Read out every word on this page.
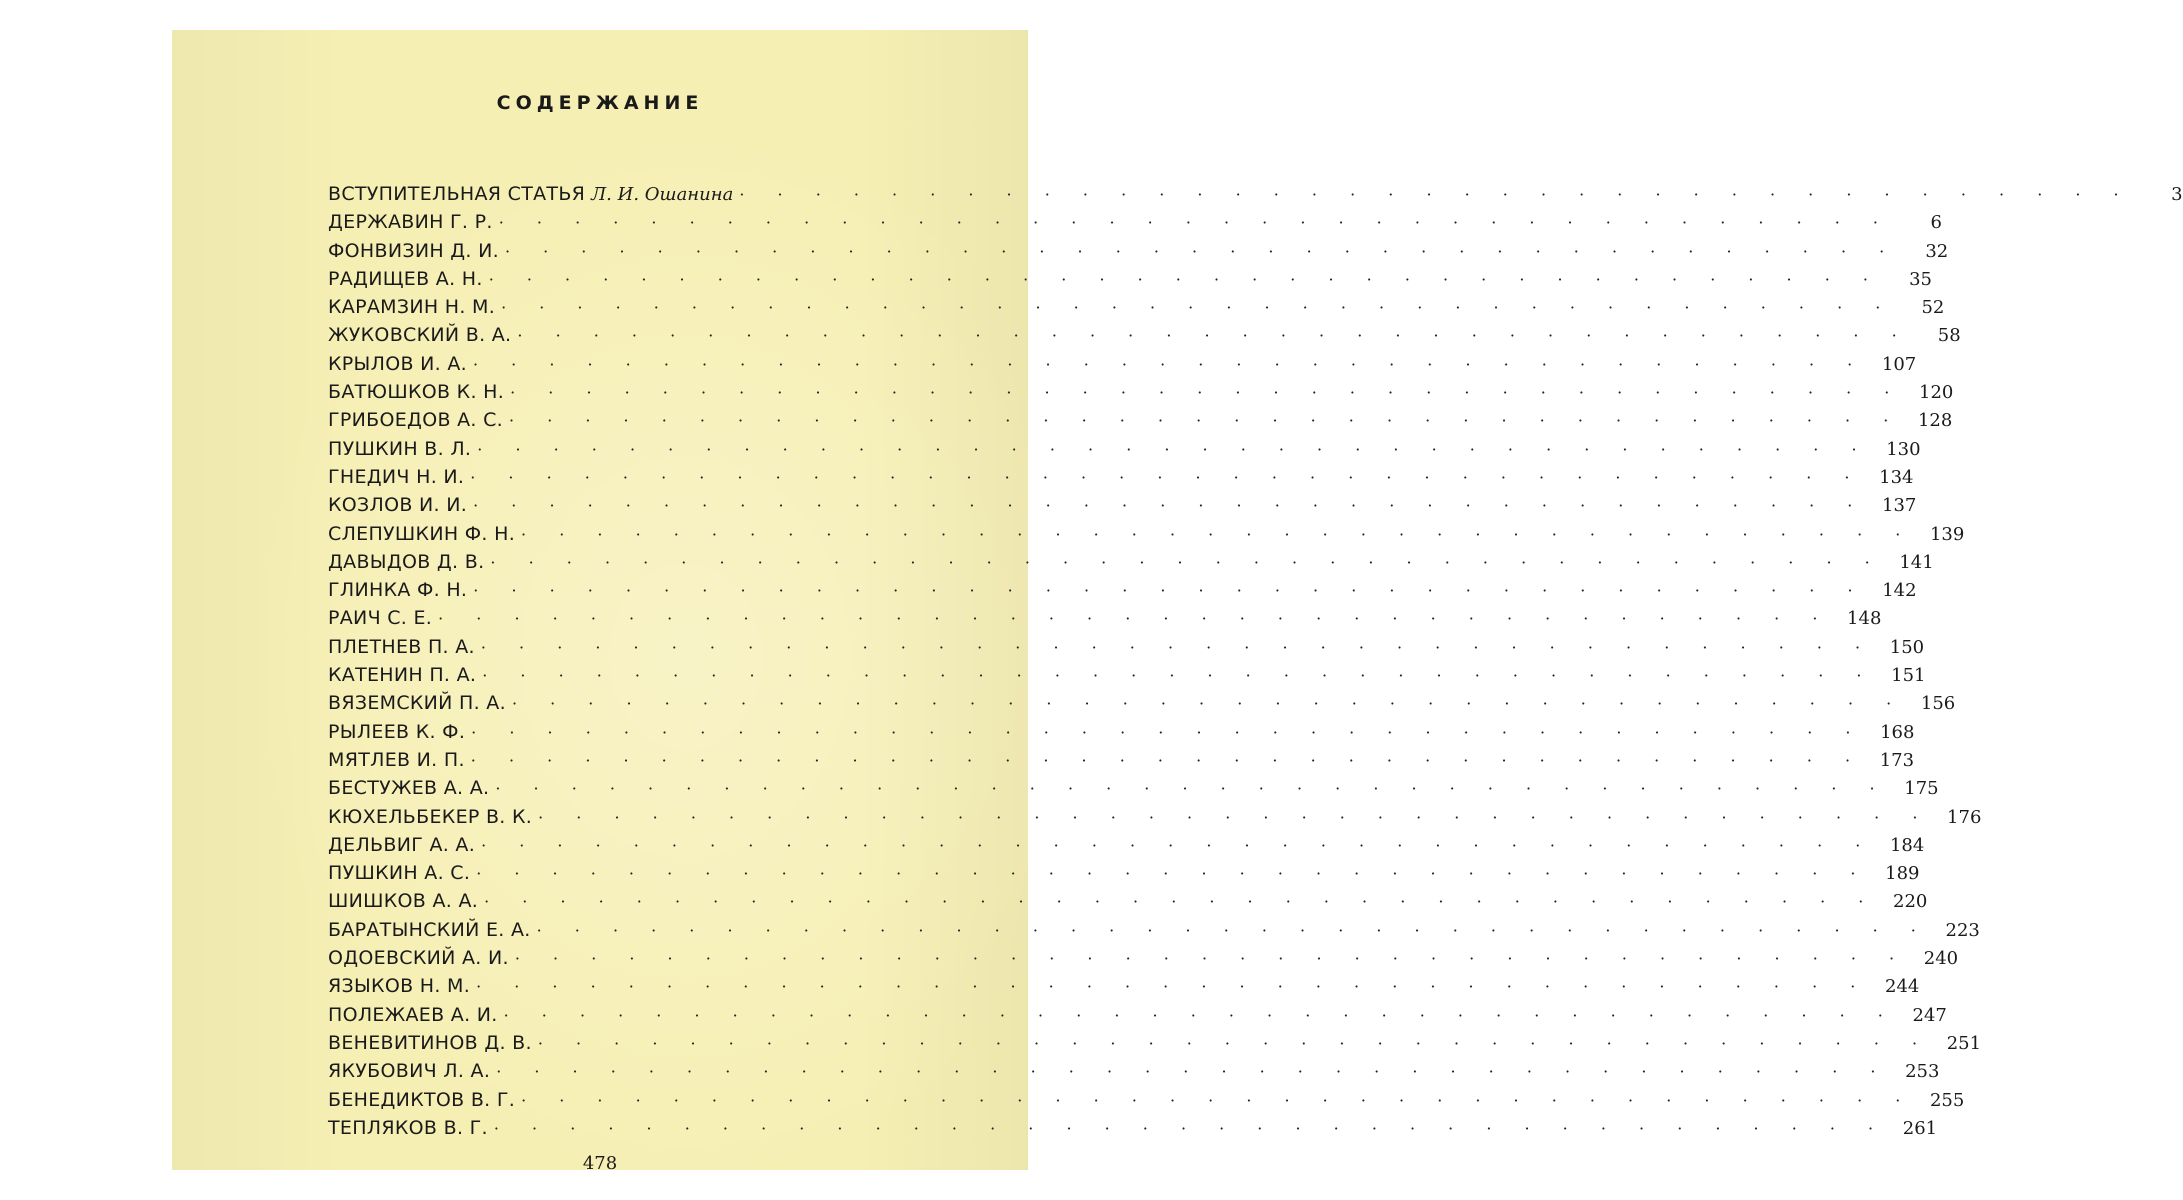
СОДЕРЖАНИЕ
ВСТУПИТЕЛЬНАЯ СТАТЬЯ Л. И. Ошанина · · · · · · · · · · · · · · · · · · · · · · · · · · · · · · · · · · · · ·	3
ДЕРЖАВИН Г. Р. · · · · · · · · · · · · · · · · · · · · · · · · · · · · · · · · · · · · ·	6
ФОНВИЗИН Д. И. · · · · · · · · · · · · · · · · · · · · · · · · · · · · · · · · · · · · ·	32
РАДИЩЕВ А. Н. · · · · · · · · · · · · · · · · · · · · · · · · · · · · · · · · · · · · ·	35
КАРАМЗИН Н. М. · · · · · · · · · · · · · · · · · · · · · · · · · · · · · · · · · · · · ·	52
ЖУКОВСКИЙ В. А. · · · · · · · · · · · · · · · · · · · · · · · · · · · · · · · · · · · · ·	58
КРЫЛОВ И. А. · · · · · · · · · · · · · · · · · · · · · · · · · · · · · · · · · · · · · 107
БАТЮШКОВ К. Н. · · · · · · · · · · · · · · · · · · · · · · · · · · · · · · · · · · · · · 120
ГРИБОЕДОВ А. С. · · · · · · · · · · · · · · · · · · · · · · · · · · · · · · · · · · · · · 128
ПУШКИН В. Л. · · · · · · · · · · · · · · · · · · · · · · · · · · · · · · · · · · · · · 130
ГНЕДИЧ Н. И. · · · · · · · · · · · · · · · · · · · · · · · · · · · · · · · · · · · · · 134
КОЗЛОВ И. И. · · · · · · · · · · · · · · · · · · · · · · · · · · · · · · · · · · · · · 137
СЛЕПУШКИН Ф. Н. · · · · · · · · · · · · · · · · · · · · · · · · · · · · · · · · · · · · · 139
ДАВЫДОВ Д. В. · · · · · · · · · · · · · · · · · · · · · · · · · · · · · · · · · · · · · 141
ГЛИНКА Ф. Н. · · · · · · · · · · · · · · · · · · · · · · · · · · · · · · · · · · · · · 142
РАИЧ С. Е. · · · · · · · · · · · · · · · · · · · · · · · · · · · · · · · · · · · · · 148
ПЛЕТНЕВ П. А. · · · · · · · · · · · · · · · · · · · · · · · · · · · · · · · · · · · · · 150
КАТЕНИН П. А. · · · · · · · · · · · · · · · · · · · · · · · · · · · · · · · · · · · · · 151
ВЯЗЕМСКИЙ П. А. · · · · · · · · · · · · · · · · · · · · · · · · · · · · · · · · · · · · · 156
РЫЛЕЕВ К. Ф. · · · · · · · · · · · · · · · · · · · · · · · · · · · · · · · · · · · · · 168
МЯТЛЕВ И. П. · · · · · · · · · · · · · · · · · · · · · · · · · · · · · · · · · · · · · 173
БЕСТУЖЕВ А. А. · · · · · · · · · · · · · · · · · · · · · · · · · · · · · · · · · · · · · 175
КЮХЕЛЬБЕКЕР В. К. · · · · · · · · · · · · · · · · · · · · · · · · · · · · · · · · · · · · · 176
ДЕЛЬВИГ А. А. · · · · · · · · · · · · · · · · · · · · · · · · · · · · · · · · · · · · · 184
ПУШКИН А. С. · · · · · · · · · · · · · · · · · · · · · · · · · · · · · · · · · · · · · 189
ШИШКОВ А. А. · · · · · · · · · · · · · · · · · · · · · · · · · · · · · · · · · · · · · 220
БАРАТЫНСКИЙ Е. А. · · · · · · · · · · · · · · · · · · · · · · · · · · · · · · · · · · · · · 223
ОДОЕВСКИЙ А. И. · · · · · · · · · · · · · · · · · · · · · · · · · · · · · · · · · · · · · 240
ЯЗЫКОВ Н. М. · · · · · · · · · · · · · · · · · · · · · · · · · · · · · · · · · · · · · 244
ПОЛЕЖАЕВ А. И. · · · · · · · · · · · · · · · · · · · · · · · · · · · · · · · · · · · · · 247
ВЕНЕВИТИНОВ Д. В. · · · · · · · · · · · · · · · · · · · · · · · · · · · · · · · · · · · · · 251
ЯКУБОВИЧ Л. А. · · · · · · · · · · · · · · · · · · · · · · · · · · · · · · · · · · · · · 253
БЕНЕДИКТОВ В. Г. · · · · · · · · · · · · · · · · · · · · · · · · · · · · · · · · · · · · · 255
ТЕПЛЯКОВ В. Г. · · · · · · · · · · · · · · · · · · · · · · · · · · · · · · · · · · · · · 261
478
